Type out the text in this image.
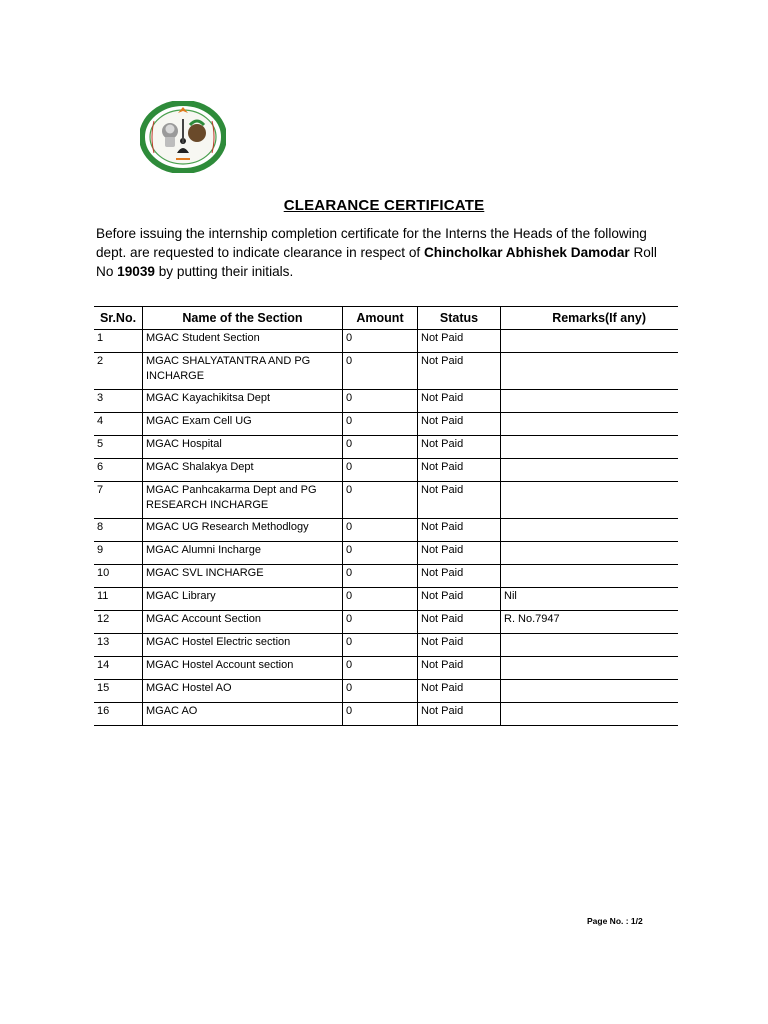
CLEARANCE CERTIFICATE
Before issuing the internship completion certificate for the Interns the Heads of the following dept. are requested to indicate clearance in respect of Chincholkar Abhishek Damodar Roll No 19039 by putting their initials.
Sr.No.	Name of the Section	Amount	Status	Remarks(If any)
1	MGAC Student Section	0	Not Paid	
2	MGAC SHALYATANTRA AND PG INCHARGE	0	Not Paid	
3	MGAC Kayachikitsa Dept	0	Not Paid	
4	MGAC Exam Cell UG	0	Not Paid	
5	MGAC Hospital	0	Not Paid	
6	MGAC Shalakya Dept	0	Not Paid	
7	MGAC Panhcakarma Dept and PG RESEARCH INCHARGE	0	Not Paid	
8	MGAC UG Research Methodlogy	0	Not Paid	
9	MGAC Alumni Incharge	0	Not Paid	
10	MGAC SVL INCHARGE	0	Not Paid	
11	MGAC Library	0	Not Paid	Nil
12	MGAC Account Section	0	Not Paid	R. No.7947
13	MGAC Hostel Electric section	0	Not Paid	
14	MGAC Hostel Account section	0	Not Paid	
15	MGAC Hostel AO	0	Not Paid	
16	MGAC AO	0	Not Paid	
Page No. : 1/2
